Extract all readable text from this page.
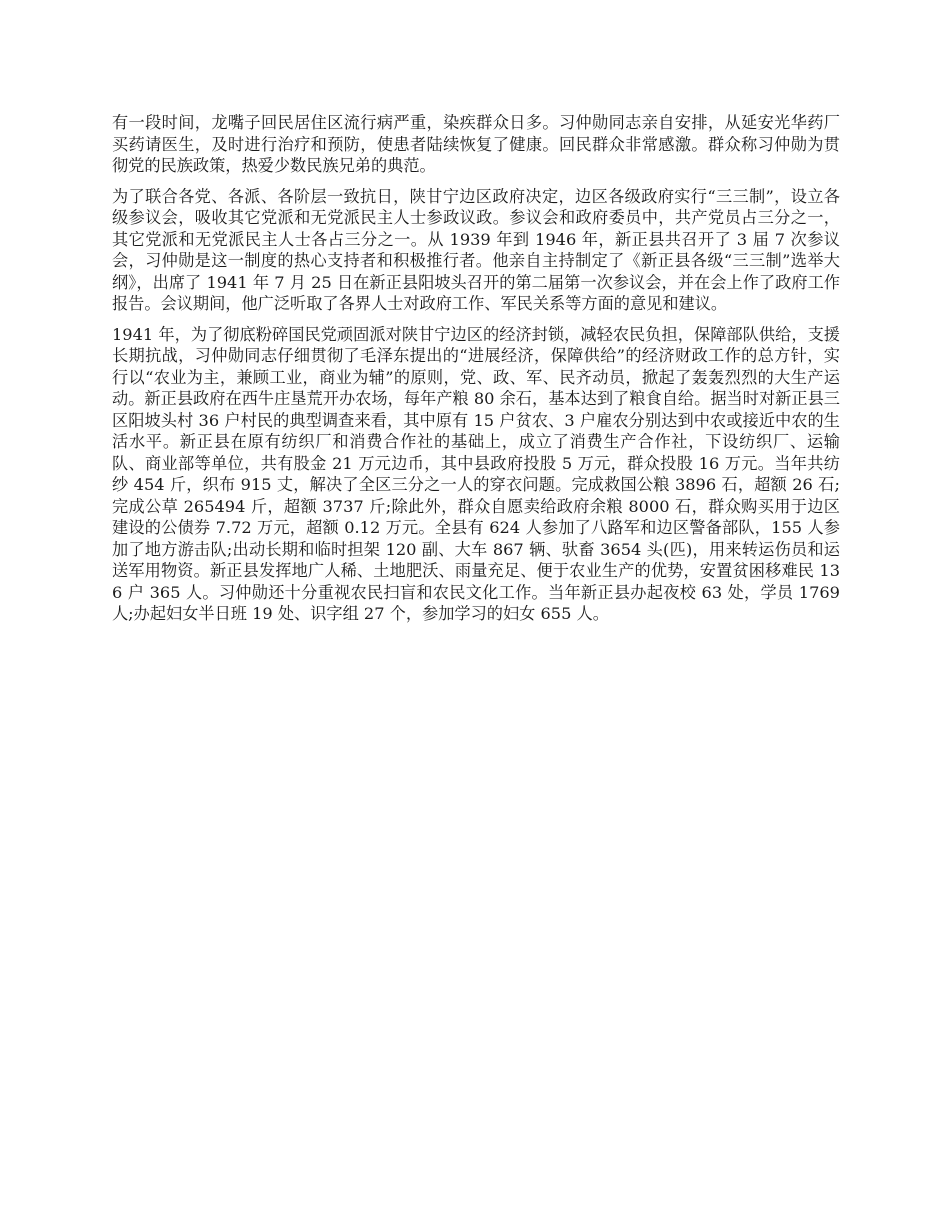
有一段时间，龙嘴子回民居住区流行病严重，染疾群众日多。习仲勋同志亲自安排，从延安光华药厂买药请医生，及时进行治疗和预防，使患者陆续恢复了健康。回民群众非常感激。群众称习仲勋为贯彻党的民族政策，热爱少数民族兄弟的典范。

为了联合各党、各派、各阶层一致抗日，陕甘宁边区政府决定，边区各级政府实行“三三制”，设立各级参议会，吸收其它党派和无党派民主人士参政议政。参议会和政府委员中，共产党员占三分之一，其它党派和无党派民主人士各占三分之一。从 1939 年到 1946 年，新正县共召开了 3 届 7 次参议会，习仲勋是这一制度的热心支持者和积极推行者。他亲自主持制定了《新正县各级“三三制”选举大纲》，出席了 1941 年 7 月 25 日在新正县阳坡头召开的第二届第一次参议会，并在会上作了政府工作报告。会议期间，他广泛听取了各界人士对政府工作、军民关系等方面的意见和建议。

1941 年，为了彻底粉碎国民党顽固派对陕甘宁边区的经济封锁，减轻农民负担，保障部队供给，支援长期抗战，习仲勋同志仔细贯彻了毛泽东提出的“进展经济，保障供给”的经济财政工作的总方针，实行以“农业为主，兼顾工业，商业为辅”的原则，党、政、军、民齐动员，掀起了轰轰烈烈的大生产运动。新正县政府在西牛庄垦荒开办农场，每年产粮 80 余石，基本达到了粮食自给。据当时对新正县三区阳坡头村 36 户村民的典型调查来看，其中原有 15 户贫农、3 户雇农分别达到中农或接近中农的生活水平。新正县在原有纺织厂和消费合作社的基础上，成立了消费生产合作社，下设纺织厂、运输队、商业部等单位，共有股金 21 万元边币，其中县政府投股 5 万元，群众投股 16 万元。当年共纺纱 454 斤，织布 915 丈，解决了全区三分之一人的穿衣问题。完成救国公粮 3896 石，超额 26 石;完成公草 265494 斤，超额 3737 斤;除此外，群众自愿卖给政府余粮 8000 石，群众购买用于边区建设的公债券 7.72 万元，超额 0.12 万元。全县有 624 人参加了八路军和边区警备部队，155 人参加了地方游击队;出动长期和临时担架 120 副、大车 867 辆、驮畜 3654 头(匹)，用来转运伤员和运送军用物资。新正县发挥地广人稀、土地肥沃、雨量充足、便于农业生产的优势，安置贫困移难民 136 户 365 人。习仲勋还十分重视农民扫盲和农民文化工作。当年新正县办起夜校 63 处，学员 1769 人;办起妇女半日班 19 处、识字组 27 个，参加学习的妇女 655 人。
